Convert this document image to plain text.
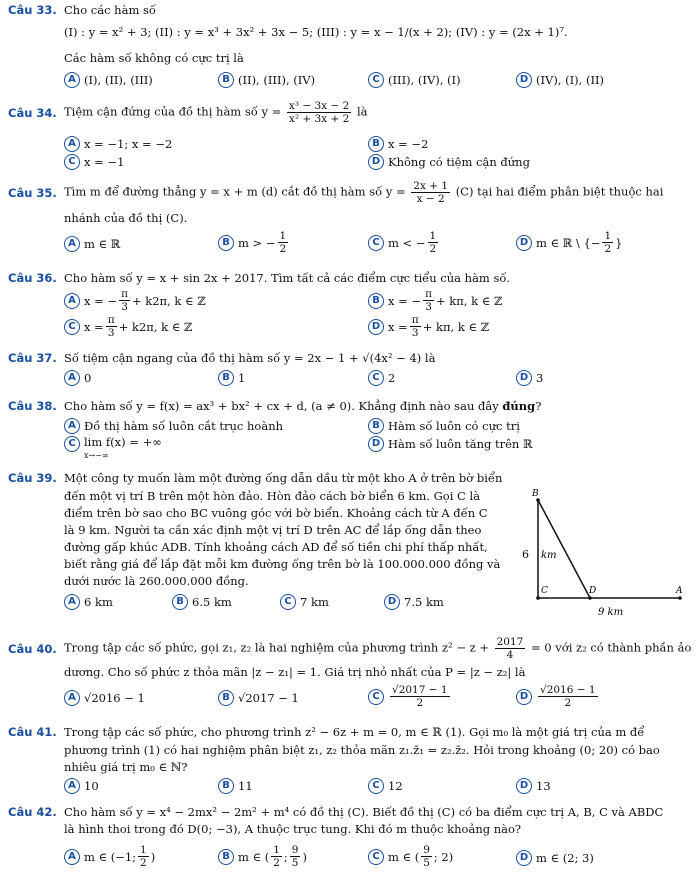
Câu 33. Cho các hàm số
(I) : y = x² + 3; (II) : y = x³ + 3x² + 3x − 5; (III) : y = x − 1/(x + 2); (IV) : y = (2x + 1)⁷.
Các hàm số không có cực trị là
A (I), (II), (III)	B (II), (III), (IV)	C (III), (IV), (I)	D (IV), (I), (II)
Câu 34. Tiệm cận đứng của đồ thị hàm số $y = \frac{\text{x³ − 3x − 2}}{\text{x² + 3x + 2}}$ là
A x = −1; x = −2	B x = −2
C x = −1	D Không có tiệm cận đứng
Câu 35. Tìm m để đường thẳng y = x + m (d) cắt đồ thị hàm số $y = \frac{2x + 1}{x - 2} (C)$ tại hai điểm phân biệt thuộc hai
nhánh của đồ thị (C).
A m ∈ ℝ	B m > − $\frac{1}{2}$	C m < − $\frac{1}{2}$	D m ∈ ℝ \ {− $\frac{1}{2}$ }
Câu 36. Cho hàm số y = x + sin 2x + 2017. Tìm tất cả các điểm cực tiểu của hàm số.
A x = − $\frac{\pi}{3} + k2\pi$, k ∈ ℤ	B x = − $\frac{\pi}{3} + k\pi$, k ∈ ℤ
C $x = \frac{\pi}{3} + k2\pi$, k ∈ ℤ	D $x = \frac{\pi}{3} + k\pi$, k ∈ ℤ
Câu 37. Số tiệm cận ngang của đồ thị hàm số y = 2x − 1 + √(4x² − 4) là
A 0	B 1	C 2	D 3
Câu 38. Cho hàm số y = f(x) = ax³ + bx² + cx + d, (a ≠ 0). Khẳng định nào sau đây đúng?
A Đồ thị hàm số luôn cắt trục hoành	B Hàm số luôn có cực trị
C lim f(x) = +∞
x→−∞
D Hàm số luôn tăng trên ℝ
Câu 39. Một công ty muốn làm một đường ống dẫn dầu từ một kho A ở trên bờ biển
đến một vị trí B trên một hòn đảo. Hòn đảo cách bờ biển 6 km. Gọi C là
điểm trên bờ sao cho BC vuông góc với bờ biển. Khoảng cách từ A đến C
là 9 km. Người ta cần xác định một vị trí D trên AC để lắp ống dẫn theo
đường gấp khúc ADB. Tính khoảng cách AD để số tiền chi phí thấp nhất,
biết rằng giá để lắp đặt mỗi km đường ống trên bờ là 100.000.000 đồng và
dưới nước là 260.000.000 đồng.
A 6 km	B 6.5 km	C 7 km	D 7.5 km
B
C	D	A
6 km
9 km
Câu 40. Trong tập các số phức, gọi z₁, z₂ là hai nghiệm của phương trình $z^2 - z + \frac{2017}{4} = 0$ với z₂ có thành phần ảo
dương. Cho số phức z thỏa mãn |z − z₁| = 1. Giá trị nhỏ nhất của P = |z − z₂| là
A √2016 − 1	B √2017 − 1	C $\frac{√2017 - 1}{2}$	D $\frac{√2016 - 1}{2}$
Câu 41. Trong tập các số phức, cho phương trình z² − 6z + m = 0, m ∈ ℝ (1). Gọi m₀ là một giá trị của m để
phương trình (1) có hai nghiệm phân biệt z₁, z₂ thỏa mãn z₁.z̄₁ = z₂.z̄₂. Hỏi trong khoảng (0; 20) có bao
nhiêu giá trị m₀ ∈ ℕ?
A 10	B 11	C 12	D 13
Câu 42. Cho hàm số y = x⁴ − 2mx² − 2m² + m⁴ có đồ thị (C). Biết đồ thị (C) có ba điểm cực trị A, B, C và ABDC
là hình thoi trong đó D(0; −3), A thuộc trục tung. Khi đó m thuộc khoảng nào?
A m ∈ (−1; $\frac{1}{2}$ )	B m ∈ ( $\frac{1}{2}$ ; $\frac{9}{5}$ )	C m ∈ ( $\frac{9}{5}$ ; 2)	D m ∈ (2; 3)
